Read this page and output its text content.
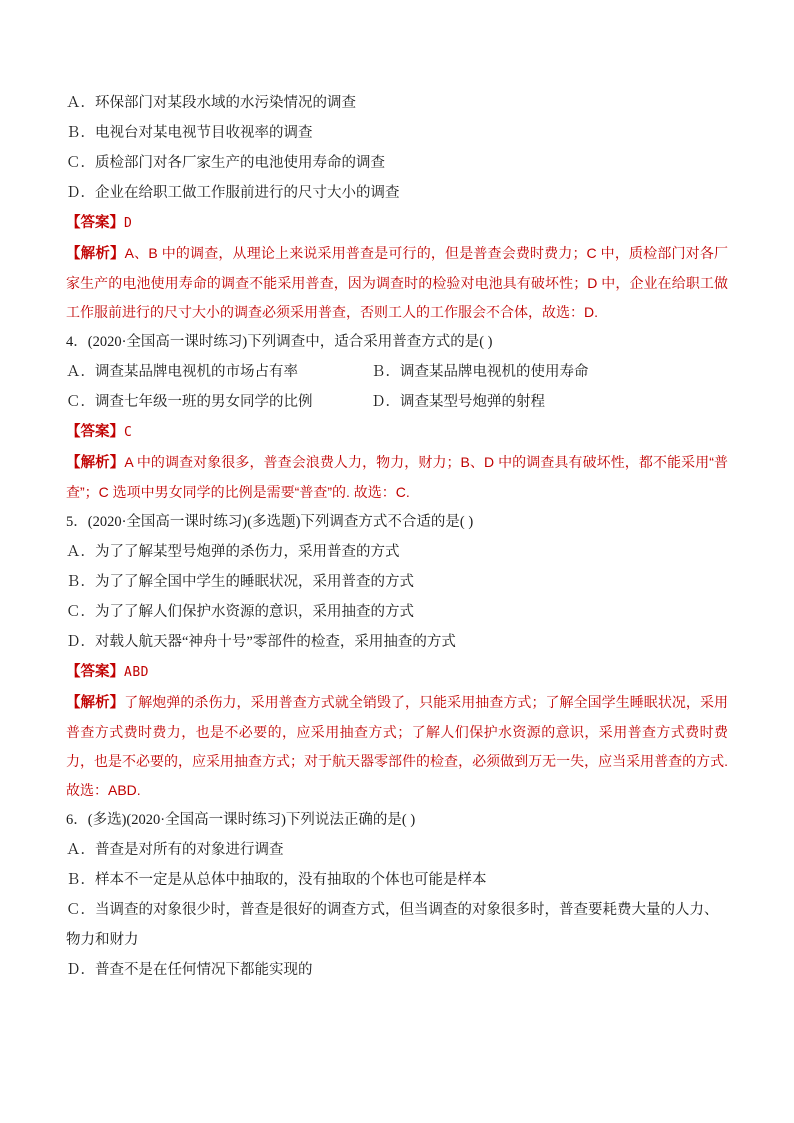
Ａ．环保部门对某段水域的水污染情况的调查
Ｂ．电视台对某电视节目收视率的调查
Ｃ．质检部门对各厂家生产的电池使用寿命的调查
Ｄ．企业在给职工做工作服前进行的尺寸大小的调查
【答案】D
【解析】A、B 中的调查，从理论上来说采用普查是可行的，但是普查会费时费力；C 中，质检部门对各厂家生产的电池使用寿命的调查不能采用普查，因为调查时的检验对电池具有破坏性；D 中，企业在给职工做工作服前进行的尺寸大小的调查必须采用普查，否则工人的工作服会不合体，故选：D.
4．(2020·全国高一课时练习)下列调查中，适合采用普查方式的是( )
Ａ．调查某品牌电视机的市场占有率	Ｂ．调查某品牌电视机的使用寿命
Ｃ．调查七年级一班的男女同学的比例	Ｄ．调查某型号炮弹的射程
【答案】C
【解析】A 中的调查对象很多，普查会浪费人力，物力，财力；B、D 中的调查具有破坏性，都不能采用“普查”；C 选项中男女同学的比例是需要“普查”的. 故选：C.
5．(2020·全国高一课时练习)(多选题)下列调查方式不合适的是( )
Ａ．为了了解某型号炮弹的杀伤力，采用普查的方式
Ｂ．为了了解全国中学生的睡眠状况，采用普查的方式
Ｃ．为了了解人们保护水资源的意识，采用抽查的方式
Ｄ．对载人航天器“神舟十号”零部件的检查，采用抽查的方式
【答案】ABD
【解析】了解炮弹的杀伤力，采用普查方式就全销毁了，只能采用抽查方式；了解全国学生睡眠状况，采用普查方式费时费力，也是不必要的，应采用抽查方式；了解人们保护水资源的意识，采用普查方式费时费力，也是不必要的，应采用抽查方式；对于航天器零部件的检查，必须做到万无一失，应当采用普查的方式. 故选：ABD.
6．(多选)(2020·全国高一课时练习)下列说法正确的是( )
Ａ．普查是对所有的对象进行调查
Ｂ．样本不一定是从总体中抽取的，没有抽取的个体也可能是样本
Ｃ．当调查的对象很少时，普查是很好的调查方式，但当调查的对象很多时，普查要耗费大量的人力、物力和财力
Ｄ．普查不是在任何情况下都能实现的
